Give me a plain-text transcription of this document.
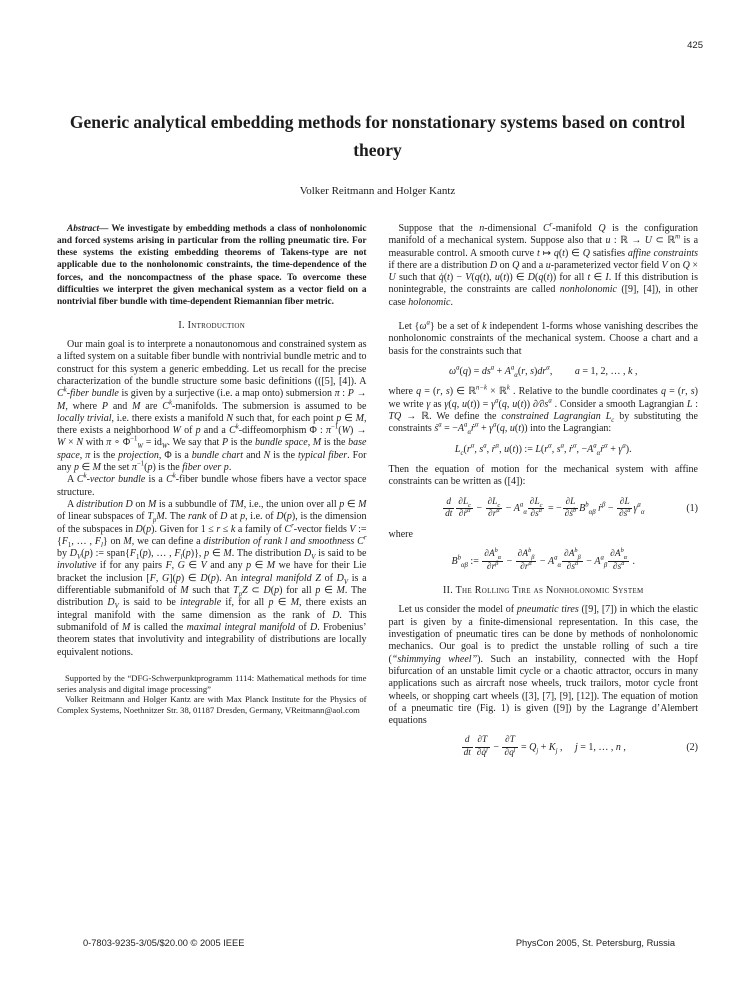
425
Generic analytical embedding methods for nonstationary systems based on control theory
Volker Reitmann and Holger Kantz

Abstract— We investigate by embedding methods a class of nonholonomic and forced systems arising in particular from the rolling pneumatic tire. For these systems the existing embedding theorems of Takens-type are not applicable due to the nonholonomic constraints, the time-dependence of the forces, and the noncompactness of the phase space. To overcome these difficulties we interpret the given mechanical system as a vector field on a nontrivial fiber bundle with time-dependent Riemannian fiber metric.

I. Introduction

Our main goal is to interprete a nonautonomous and constrained system as a lifted system on a suitable fiber bundle with nontrivial bundle metric and to construct for this system a generic embedding. Let us recall for the precise characterization of the bundle structure some basic definitions (([5], [4]). A $C^k$-fiber bundle is given by a surjective (i.e. a map onto) submersion π : P → M, where P and M are $C^k$-manifolds. The submersion is assumed to be locally trivial, i.e. there exists a manifold N such that, for each point p ∈ M, there exists a neighborhood W of p and a $C^k$-diffeomorphism Φ : $\pi^{-1}(W) \to W \times N$ with π ∘ $\Phi^{-1}_W = id_W$. We say that P is the bundle space, M is the base space, π is the projection, Φ is a bundle chart and N is the typical fiber. For any p ∈ M the set $\pi^{-1}(p)$ is the fiber over p.

A $C^k$-vector bundle is a $C^k$-fiber bundle whose fibers have a vector space structure.

A distribution D on M is a subbundle of TM, i.e., the union over all p ∈ M of linear subspaces of $T_pM$. The rank of D at p, i.e. of D(p), is the dimension of the subspaces in D(p). Given for 1 ≤ r ≤ k a family of $C^r$-vector fields V := {$F_1$, … , $F_l$} on M, we can define a distribution of rank l and smoothness $C^r$ by $D_V(p)$ := $span\{F_1(p)$, … , $F_l(p)$}, p ∈ M. The distribution $D_V$ is said to be involutive if for any pairs F, G ∈ V and any p ∈ M we have for their Lie bracket the inclusion [F, G](p) ∈ D(p). An integral manifold Z of $D_V$ is a differentiable submanifold of M such that $T_pZ$ ⊂ D(p) for all p ∈ M. The distribution $D_V$ is said to be integrable if, for all p ∈ M, there exists an integral manifold with the same dimension as the rank of D. This submanifold of M is called the maximal integral manifold of D. Frobenius’ theorem states that involutivity and integrability of distributions are locally equivalent notions.

Supported by the “DFG-Schwerpunktprogramm 1114: Mathematical methods for time series analysis and digital image processing”

Volker Reitmann and Holger Kantz are with Max Planck Institute for the Physics of Complex Systems, Noethnitzer Str. 38, 01187 Dresden, Germany, VReitmann@aol.com

Suppose that the n-dimensional $C^r$-manifold Q is the configuration manifold of a mechanical system. Suppose also that u : ℝ → U ⊂ ℝ$^m$ is a measurable control. A smooth curve t ↦ q(t) ∈ Q satisfies affine constraints if there are a distribution D on Q and a u-parameterized vector field V on Q × U such that q̇(t) − V(q(t), u(t)) ∈ D(q(t)) for all t ∈ I. If this distribution is nonintegrable, the constraints are called nonholonomic ([9], [4]), in other case holonomic.

Let $\{\omega^a\}$ be a set of k independent 1-forms whose vanishing describes the nonholonomic constraints of the mechanical system. Choose a chart and a basis for the constraints such that

$\omega^a(q) = ds^a + A^a_\alpha(r$, $s)dr^\alpha$,   a = 1, 2, … , k ,

where q = (r, s) ∈ ℝ$^{n-k}$ × ℝ$^k$ . Relative to the bundle coordinates q = (r, s) we write γ as γ(q, $u(t)) = \gamma^a(q$, u(t)) $\partial⁄\partial s^a$ . Consider a smooth Lagrangian L : TQ → ℝ. We define the constrained Lagrangian $L_c$ by substituting the constraints ṡ$^a$ = $-A^a_\alpha ṙ^\alpha + \gamma^a(q$, u(t)) into the Lagrangian:

$L_c(r^\alpha$, $s^a$, ṙ$^\alpha$, u(t)) := $L(r^\alpha$, $s^a$, ṙ$^\alpha$, $-A^a_\alpha ṙ^\alpha + \gamma^a$).

Then the equation of motion for the mechanical system with affine constraints can be written as ([4]):

$\frac{d}{dt} \frac{\partial L_c}{\partial ṙ^\alpha} - \frac{\partial L_c}{\partial r^\alpha} - A^a_\alpha \frac{\partial L_c}{\partial s^a}$ = − $\frac{\partial L}{\partial ṡ^b} B^b_{\alpha\beta}$ ṙ$^\beta$ − $\frac{\partial L}{\partial ṡ^a} \gamma^a_\alpha$	(1)

where

$B^b_{\alpha\beta}$ :=
$\partial A^b_\alpha$
$\partial r^\beta$ −
$\partial A^b_\beta$
$\partial r^\alpha - A^a_\alpha$
$\partial A^b_\beta$
$\partial s^a - A^a_\beta$
$\partial A^b_\alpha$
$\partial s^a$ .
II. The Rolling Tire as Nonholonomic System

Let us consider the model of pneumatic tires ([9], [7]) in which the elastic part is given by a finite-dimensional representation. In this case, the investigation of pneumatic tires can be done by methods of nonholonomic mechanics. Our goal is to predict the unstable rolling of such a tire (“shimmying wheel”). Such an instability, connected with the Hopf bifurcation of an unstable limit cycle or a chaotic attractor, occurs in many applications such as aircraft nose wheels, truck trailors, motor cycle front wheels, or shopping cart wheels ([3], [7], [9], [12]). The equation of motion of a pneumatic tire (Fig. 1) is given ([9]) by the Lagrange d’Alembert equations

$\frac{d}{dt} \frac{\partial T}{\partial q̇^j} - \frac{\partial T}{\partial q^j} = Q_j + K_j$ ,  j = 1, … , n ,	(2)
0-7803-9235-3/05/$20.00 © 2005 IEEE	PhysCon 2005, St. Petersburg, Russia
